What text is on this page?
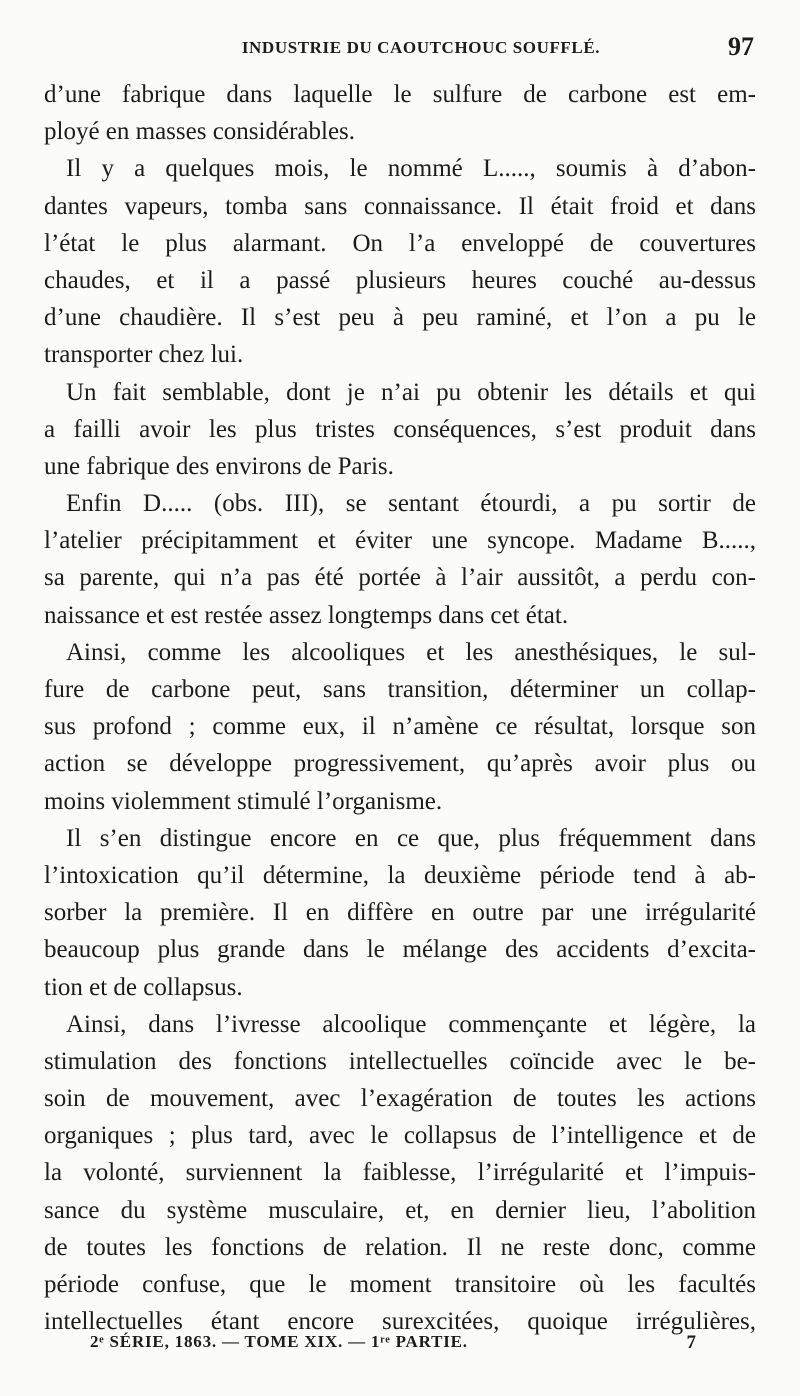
INDUSTRIE DU CAOUTCHOUC SOUFFLÉ.	97
d’une fabrique dans laquelle le sulfure de carbone est em-
ployé en masses considérables.
Il y a quelques mois, le nommé L....., soumis à d’abon-
dantes vapeurs, tomba sans connaissance. Il était froid et dans
l’état le plus alarmant. On l’a enveloppé de couvertures
chaudes, et il a passé plusieurs heures couché au-dessus
d’une chaudière. Il s’est peu à peu raminé, et l’on a pu le
transporter chez lui.
Un fait semblable, dont je n’ai pu obtenir les détails et qui
a failli avoir les plus tristes conséquences, s’est produit dans
une fabrique des environs de Paris.
Enfin D..... (obs. III), se sentant étourdi, a pu sortir de
l’atelier précipitamment et éviter une syncope. Madame B.....,
sa parente, qui n’a pas été portée à l’air aussitôt, a perdu con-
naissance et est restée assez longtemps dans cet état.
Ainsi, comme les alcooliques et les anesthésiques, le sul-
fure de carbone peut, sans transition, déterminer un collap-
sus profond ; comme eux, il n’amène ce résultat, lorsque son
action se développe progressivement, qu’après avoir plus ou
moins violemment stimulé l’organisme.
Il s’en distingue encore en ce que, plus fréquemment dans
l’intoxication qu’il détermine, la deuxième période tend à ab-
sorber la première. Il en diffère en outre par une irrégularité
beaucoup plus grande dans le mélange des accidents d’excita-
tion et de collapsus.
Ainsi, dans l’ivresse alcoolique commençante et légère, la
stimulation des fonctions intellectuelles coïncide avec le be-
soin de mouvement, avec l’exagération de toutes les actions
organiques ; plus tard, avec le collapsus de l’intelligence et de
la volonté, surviennent la faiblesse, l’irrégularité et l’impuis-
sance du système musculaire, et, en dernier lieu, l’abolition
de toutes les fonctions de relation. Il ne reste donc, comme
période confuse, que le moment transitoire où les facultés
intellectuelles étant encore surexcitées, quoique irrégulières,
2ᵉ SÉRIE, 1863. — TOME XIX. — 1ʳᵉ PARTIE.	7
